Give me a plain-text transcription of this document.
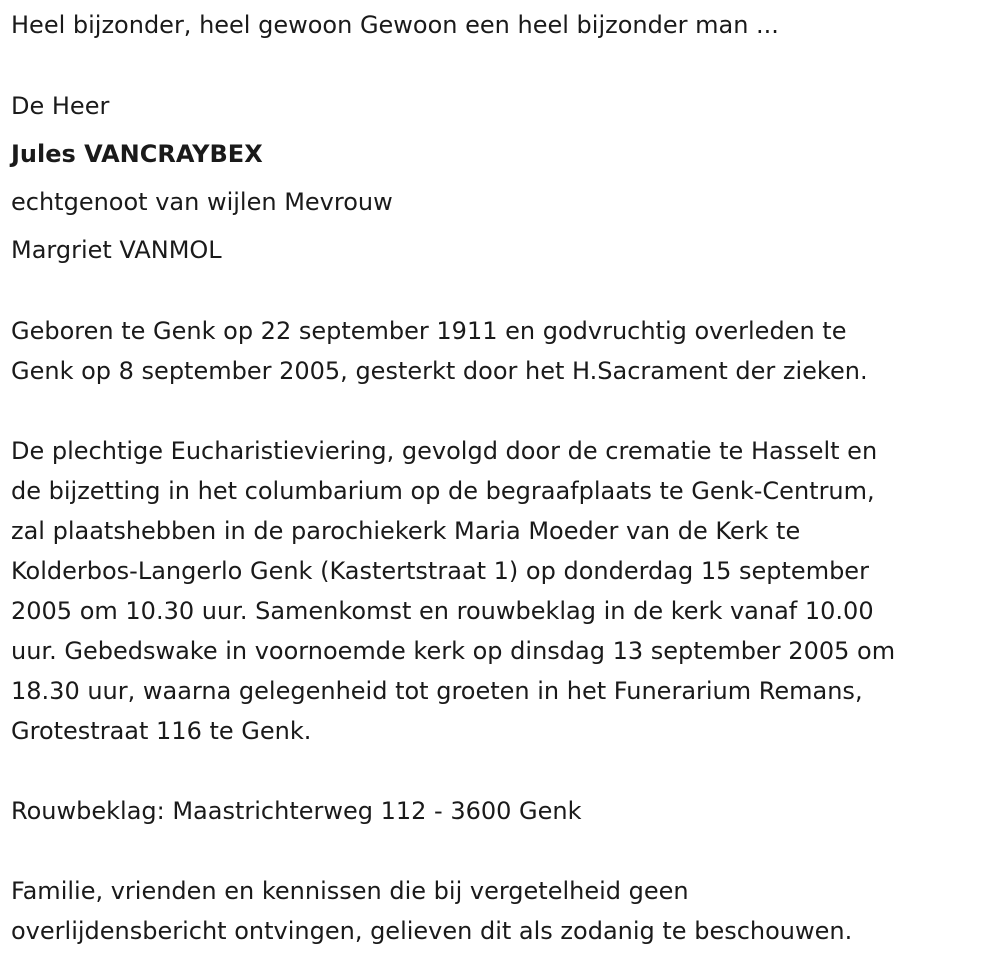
Heel bijzonder, heel gewoon Gewoon een heel bijzonder man ...
De Heer
Jules VANCRAYBEX
echtgenoot van wijlen Mevrouw
Margriet VANMOL
Geboren te Genk op 22 september 1911 en godvruchtig overleden te
Genk op 8 september 2005, gesterkt door het H.Sacrament der zieken.
De plechtige Eucharistieviering, gevolgd door de crematie te Hasselt en
de bijzetting in het columbarium op de begraafplaats te Genk-Centrum,
zal plaatshebben in de parochiekerk Maria Moeder van de Kerk te
Kolderbos-Langerlo Genk (Kastertstraat 1) op donderdag 15 september
2005 om 10.30 uur. Samenkomst en rouwbeklag in de kerk vanaf 10.00
uur. Gebedswake in voornoemde kerk op dinsdag 13 september 2005 om
18.30 uur, waarna gelegenheid tot groeten in het Funerarium Remans,
Grotestraat 116 te Genk.
Rouwbeklag: Maastrichterweg 112 - 3600 Genk
Familie, vrienden en kennissen die bij vergetelheid geen
overlijdensbericht ontvingen, gelieven dit als zodanig te beschouwen.
